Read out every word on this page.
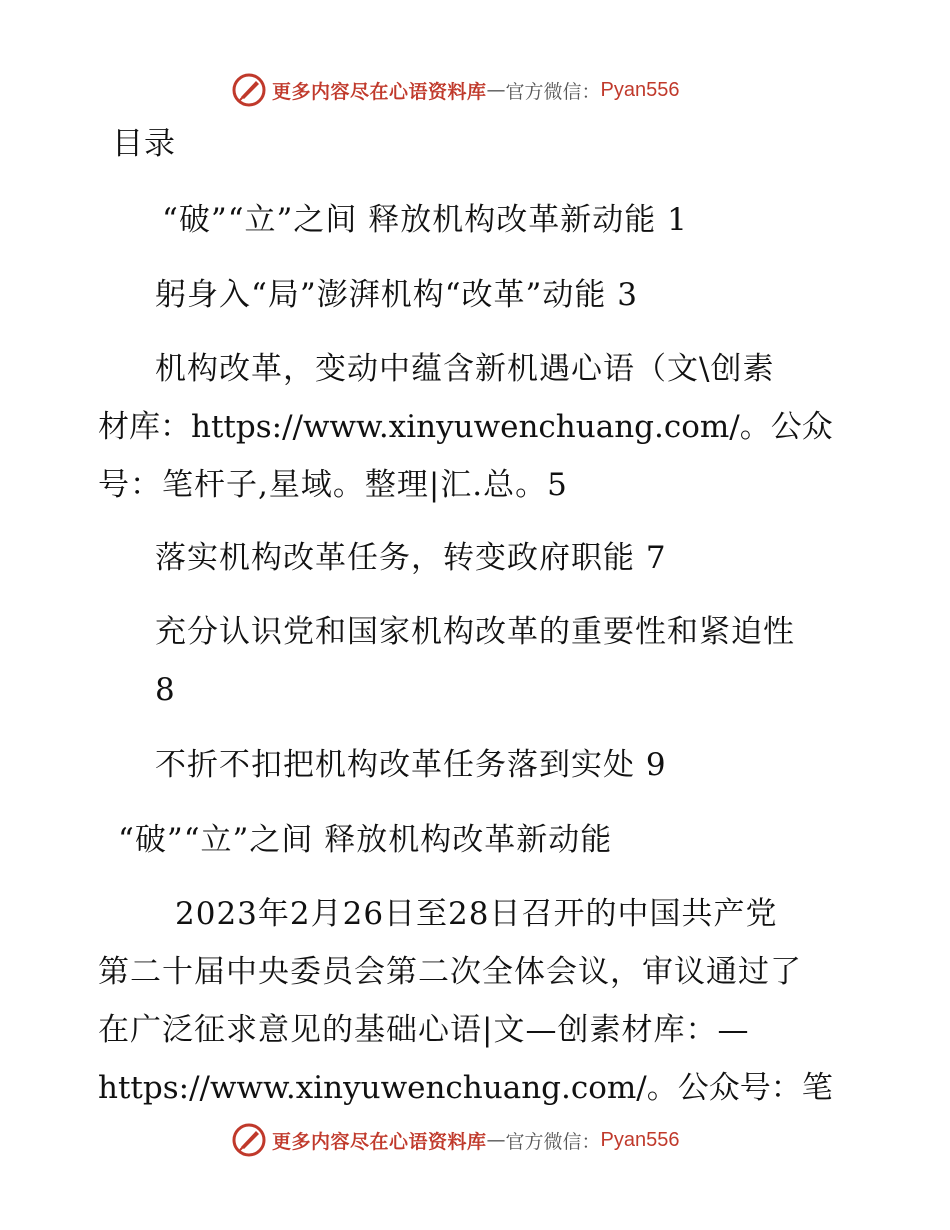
更多内容尽在心语资料库 — 官方微信： Pyan556
目录
“破”“立”之间 释放机构改革新动能 1
躬身入“局”澎湃机构“改革”动能 3
机构改革，变动中蕴含新机遇心语（文\创素
材库：https://www.xinyuwenchuang.com/。公众
号：笔杆子,星域。整理|汇.总。5
落实机构改革任务，转变政府职能 7
充分认识党和国家机构改革的重要性和紧迫性
8
不折不扣把机构改革任务落到实处 9
“破”“立”之间 释放机构改革新动能
2023年2月26日至28日召开的中国共产党
第二十届中央委员会第二次全体会议，审议通过了
在广泛征求意见的基础心语|文—创素材库：—
https://www.xinyuwenchuang.com/。公众号：笔
更多内容尽在心语资料库 — 官方微信： Pyan556
